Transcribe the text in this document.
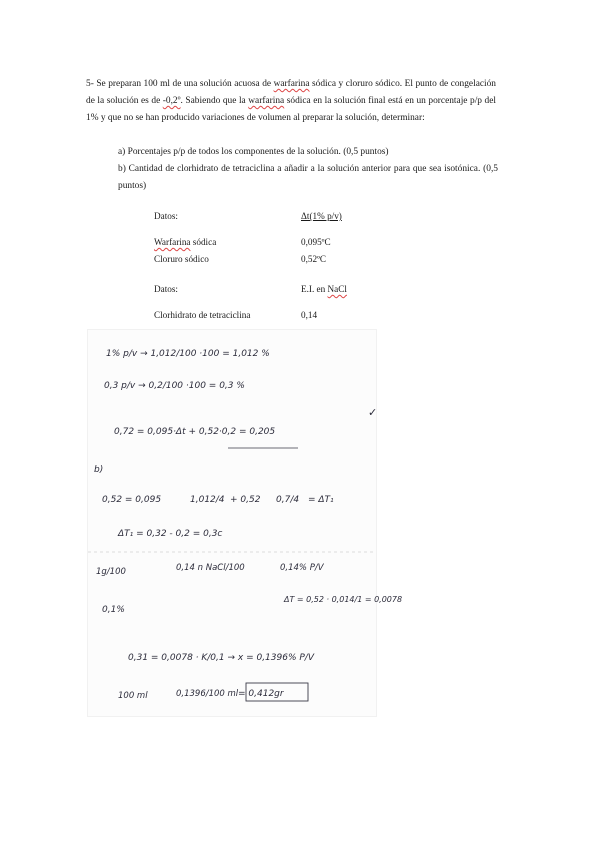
5- Se preparan 100 ml de una solución acuosa de warfarina sódica y cloruro sódico. El punto de congelación de la solución es de -0,2º. Sabiendo que la warfarina sódica en la solución final está en un porcentaje p/p del 1% y que no se han producido variaciones de volumen al preparar la solución, determinar:

a) Porcentajes p/p de todos los componentes de la solución. (0,5 puntos)

b) Cantidad de clorhidrato de tetraciclina a añadir a la solución anterior para que sea isotónica. (0,5 puntos)

Datos:	Δt(1% p/v)
Warfarina sódica	0,095ºC
Cloruro sódico	0,52ºC
Datos:	E.I. en NaCl
Clorhidrato de tetraciclina	0,14
1% p/v → 1,012/100 ·100 = 1,012 %
0,3 p/v → 0,2/100 ·100 = 0,3 %
0,72 = 0,095·Δt + 0,52·0,2 = 0,205
✓
b)
0,52 = 0,095	1,012/4 + 0,52 0,7/4 = ΔT₁
ΔT₁ = 0,32 - 0,2 = 0,3c
1g/100	0,14 n NaCl/100	0,14% P/V
ΔT = 0,52 · 0,014/1 = 0,0078
0,1%
0,31 = 0,0078 · K/0,1 → x = 0,1396% P/V
100 ml	0,1396/100 ml = 0,412gr
